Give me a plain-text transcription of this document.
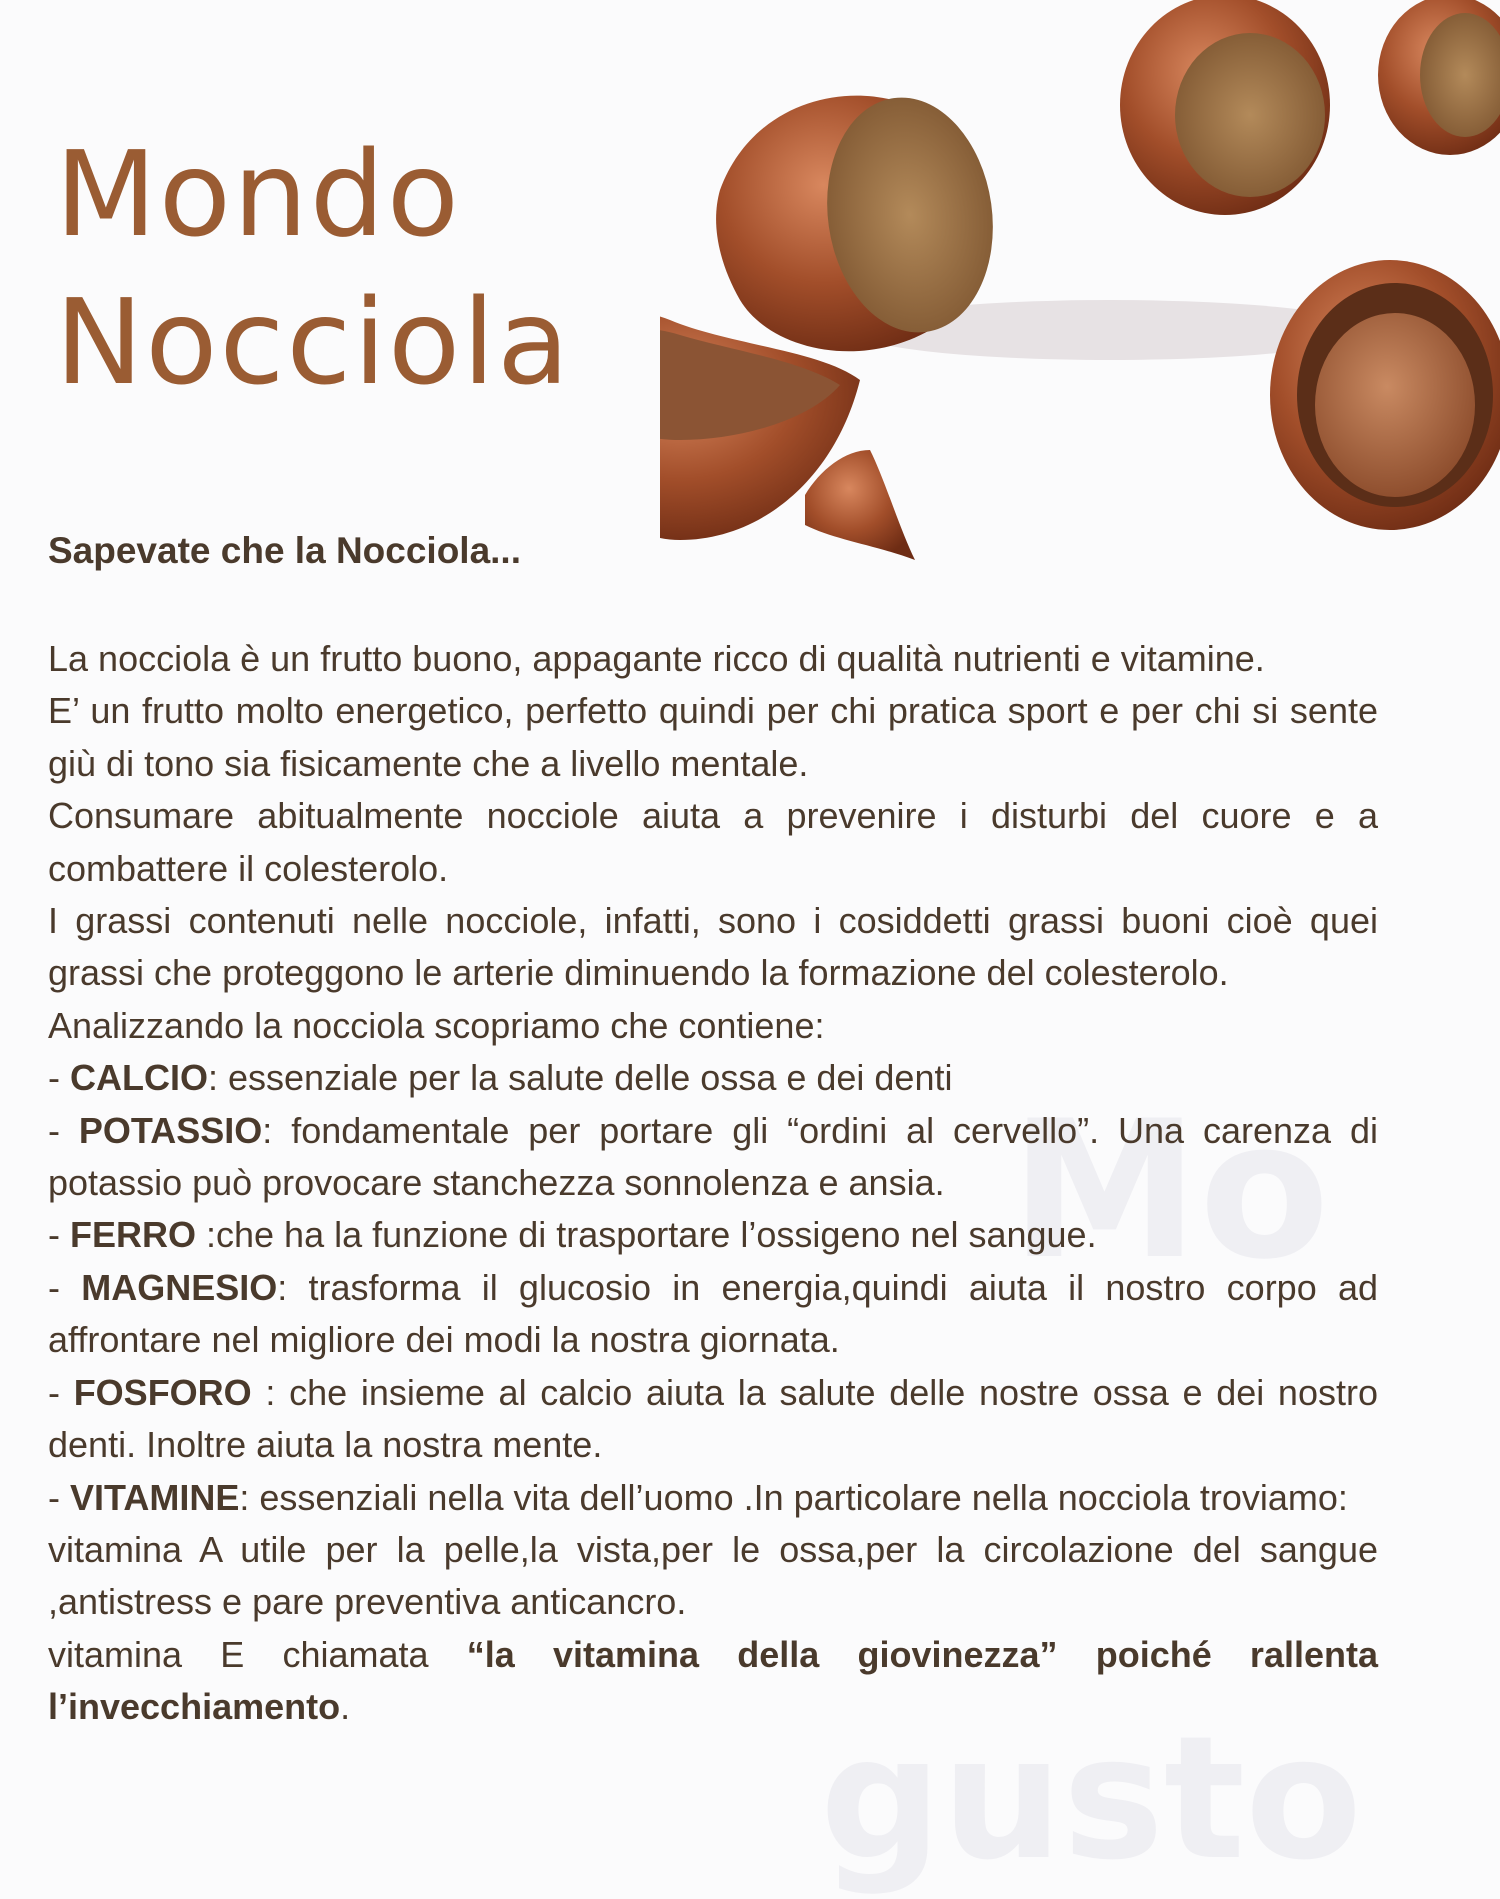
Mo
gusto
Mondo
Nocciola
Sapevate che la Nocciola...

La nocciola è un frutto buono, appagante ricco di qualità nutrienti e vitamine.

E’ un frutto molto energetico, perfetto quindi per chi pratica sport e per chi si sente giù di tono sia fisicamente che a livello mentale.

Consumare abitualmente nocciole aiuta a prevenire i disturbi del cuore e a combattere il colesterolo.

I grassi contenuti nelle nocciole, infatti, sono i cosiddetti grassi buoni cioè quei grassi che proteggono le arterie diminuendo la formazione del colesterolo.

Analizzando la nocciola scopriamo che contiene:

- CALCIO: essenziale per la salute delle ossa e dei denti

- POTASSIO: fondamentale per portare gli “ordini al cervello”. Una carenza di potassio può provocare stanchezza sonnolenza e ansia.

- FERRO :che ha la funzione di trasportare l’ossigeno nel sangue.

- MAGNESIO: trasforma il glucosio in energia,quindi aiuta il nostro corpo ad affrontare nel migliore dei modi la nostra giornata.

- FOSFORO : che insieme al calcio aiuta la salute delle nostre ossa e dei nostro denti. Inoltre aiuta la nostra mente.

- VITAMINE: essenziali nella vita dell’uomo .In particolare nella nocciola troviamo:

vitamina A utile per la pelle,la vista,per le ossa,per la circolazione del sangue ,antistress e pare preventiva anticancro.

vitamina E chiamata “la vitamina della giovinezza” poiché rallenta l’invecchiamento.
